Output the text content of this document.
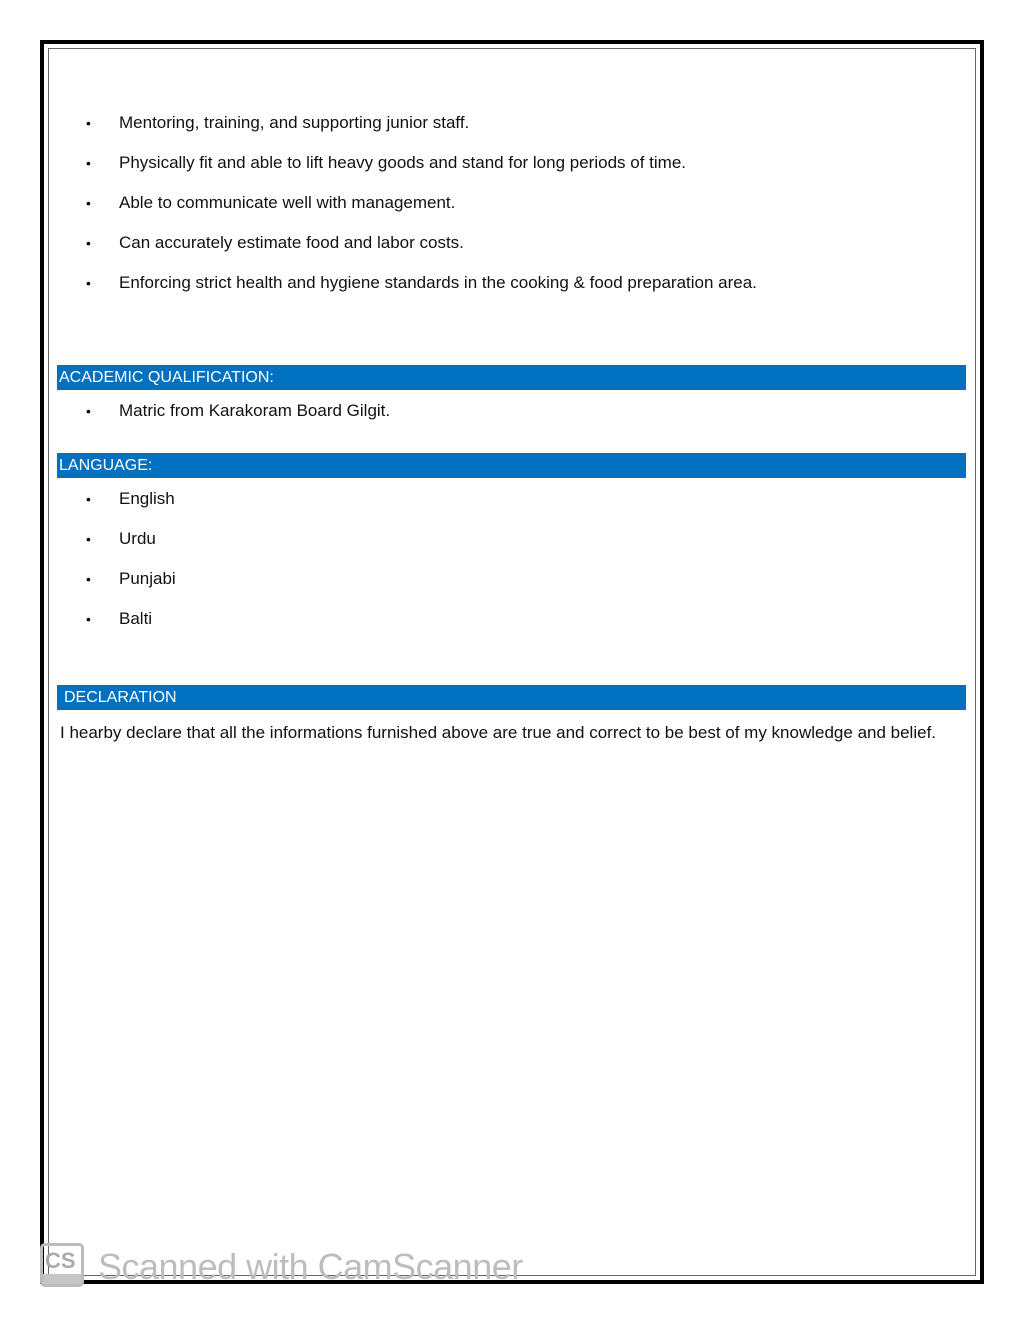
• Mentoring, training, and supporting junior staff.
• Physically fit and able to lift heavy goods and stand for long periods of time.
• Able to communicate well with management.
• Can accurately estimate food and labor costs.
• Enforcing strict health and hygiene standards in the cooking & food preparation area.
ACADEMIC QUALIFICATION:
• Matric from Karakoram Board Gilgit.
LANGUAGE:
• English
• Urdu
• Punjabi
• Balti
DECLARATION
I hearby declare that all the informations furnished above are true and correct to be best of my knowledge and belief.
CS Scanned with CamScanner
